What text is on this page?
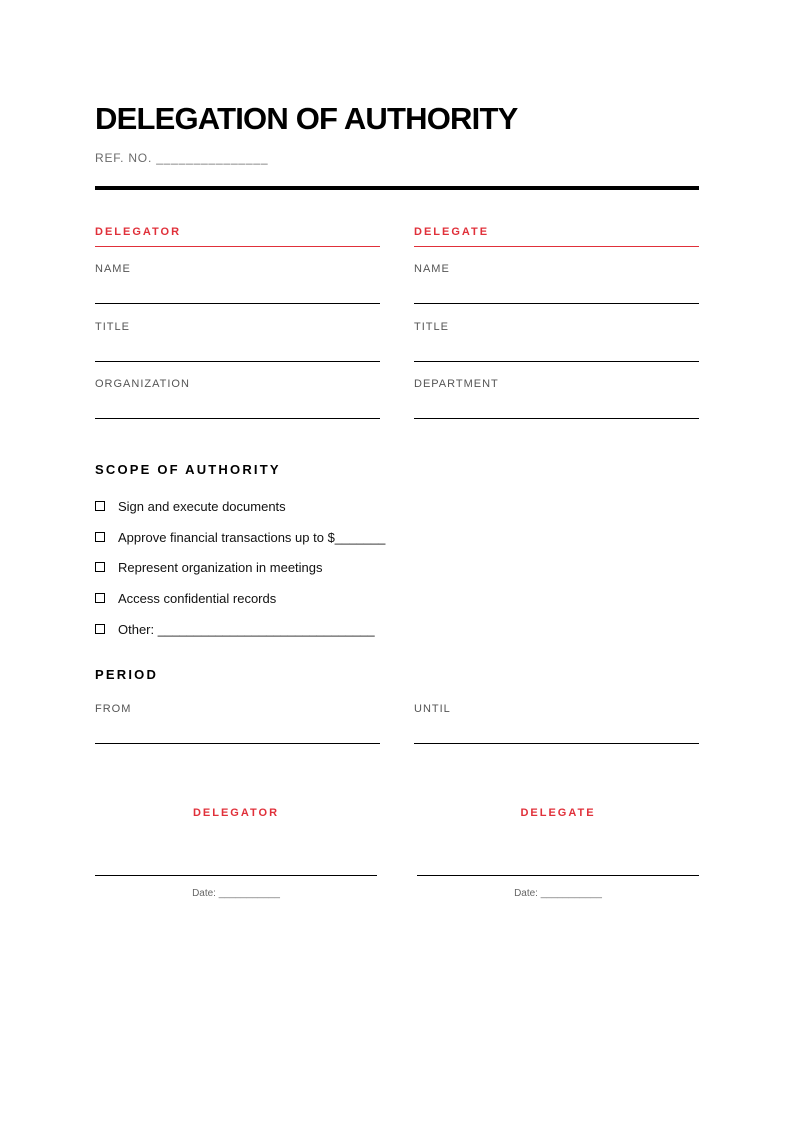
DELEGATION OF AUTHORITY
REF. NO. _______________
DELEGATOR
NAME
TITLE
ORGANIZATION
DELEGATE
NAME
TITLE
DEPARTMENT
SCOPE OF AUTHORITY
Sign and execute documents
Approve financial transactions up to $_______
Represent organization in meetings
Access confidential records
Other: ______________________________
PERIOD
FROM	UNTIL
DELEGATOR
Date: ___________
DELEGATE
Date: ___________
